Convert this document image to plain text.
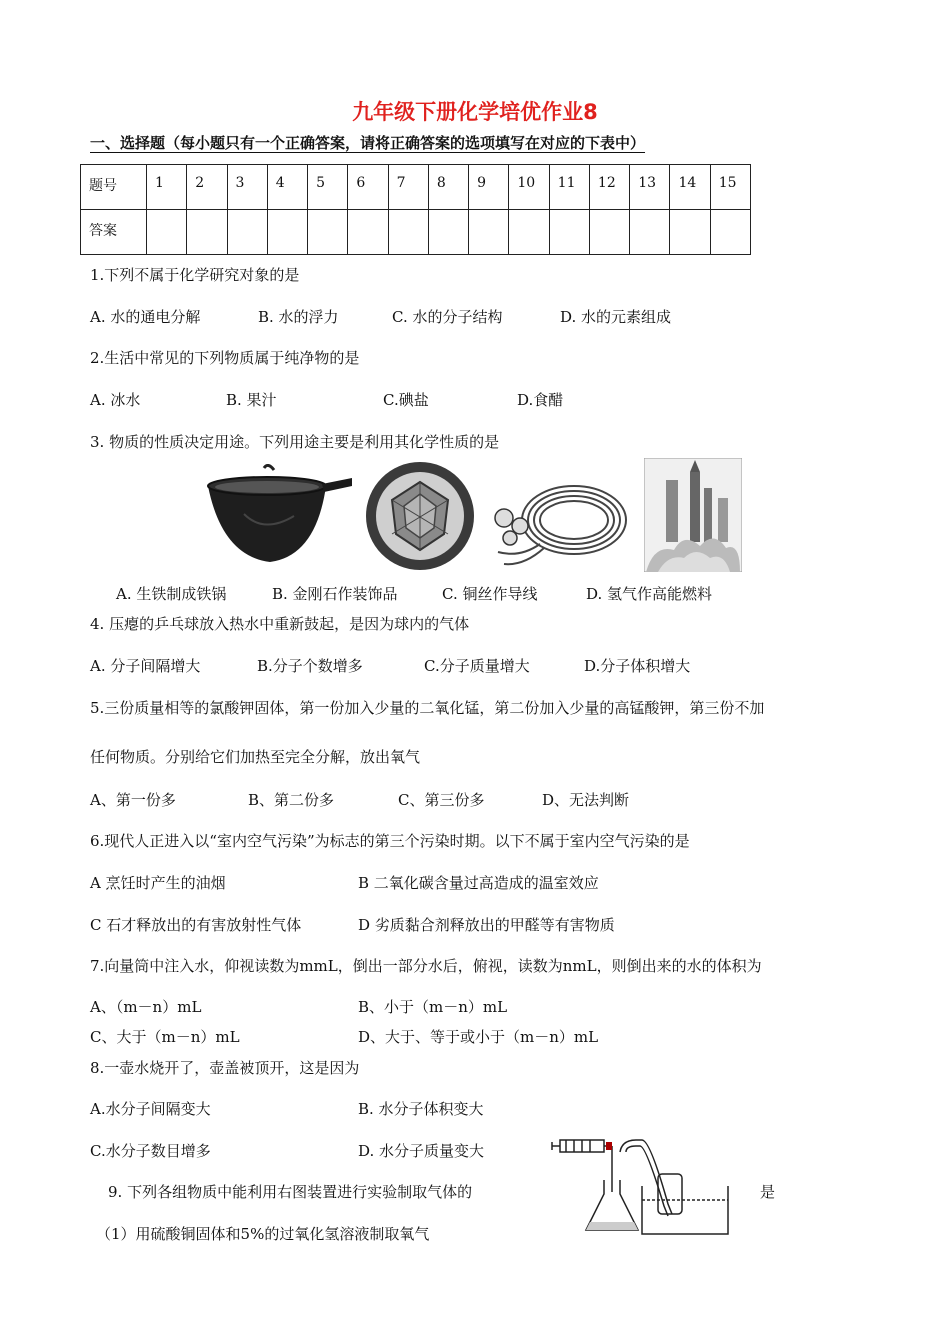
九年级下册化学培优作业8
一、选择题（每小题只有一个正确答案，请将正确答案的选项填写在对应的下表中）
题号	1	2	3	4	5	6	7	8	9	10	11	12	13	14	15
答案															
1.下列不属于化学研究对象的是
A. 水的通电分解	B. 水的浮力	C. 水的分子结构	D. 水的元素组成
2.生活中常见的下列物质属于纯净物的是
A. 冰水	B. 果汁	C.碘盐	D.食醋
3. 物质的性质决定用途。下列用途主要是利用其化学性质的是
A. 生铁制成铁锅	B. 金刚石作装饰品	C. 铜丝作导线	D. 氢气作高能燃料
4. 压瘪的乒乓球放入热水中重新鼓起，是因为球内的气体
A. 分子间隔增大	B.分子个数增多	C.分子质量增大	D.分子体积增大
5.三份质量相等的氯酸钾固体，第一份加入少量的二氧化锰，第二份加入少量的高锰酸钾，第三份不加
任何物质。分别给它们加热至完全分解，放出氧气
A、第一份多	B、第二份多	C、第三份多	D、无法判断
6.现代人正进入以“室内空气污染”为标志的第三个污染时期。以下不属于室内空气污染的是
A 烹饪时产生的油烟	B 二氧化碳含量过高造成的温室效应
C 石才释放出的有害放射性气体	D 劣质黏合剂释放出的甲醛等有害物质
7.向量筒中注入水，仰视读数为mmL，倒出一部分水后，俯视，读数为nmL，则倒出来的水的体积为
A、（m－n）mL	B、小于（m－n）mL
C、大于（m－n）mL	D、大于、等于或小于（m－n）mL
8.一壶水烧开了，壶盖被顶开，这是因为
A.水分子间隔变大	B. 水分子体积变大
C.水分子数目增多	D. 水分子质量变大
9. 下列各组物质中能利用右图装置进行实验制取气体的	是
（1）用硫酸铜固体和5%的过氧化氢溶液制取氧气
